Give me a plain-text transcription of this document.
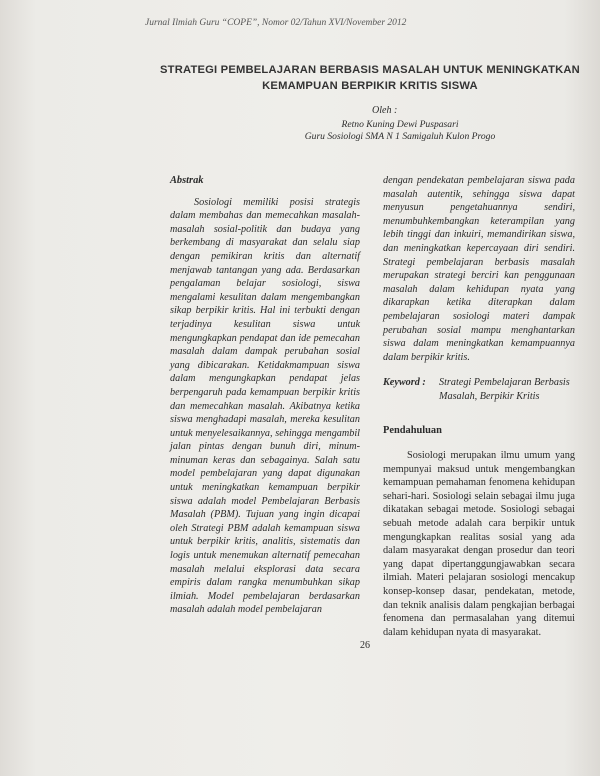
Jurnal Ilmiah Guru “COPE”, Nomor 02/Tahun XVI/November 2012
STRATEGI PEMBELAJARAN BERBASIS MASALAH UNTUK MENINGKATKAN KEMAMPUAN BERPIKIR KRITIS SISWA
Oleh :
Retno Kuning Dewi Puspasari
Guru Sosiologi SMA N 1 Samigaluh Kulon Progo

Abstrak

Sosiologi memiliki posisi strategis dalam membahas dan memecahkan masalah-masalah sosial-politik dan budaya yang berkembang di masyarakat dan selalu siap dengan pemikiran kritis dan alternatif menjawab tantangan yang ada. Berdasarkan pengalaman belajar sosiologi, siswa mengalami kesulitan dalam mengembangkan sikap berpikir kritis. Hal ini terbukti dengan terjadinya kesulitan siswa untuk mengungkapkan pendapat dan ide pemecahan masalah dalam dampak perubahan sosial yang dibicarakan. Ketidakmampuan siswa dalam mengungkapkan pendapat jelas berpengaruh pada kemampuan berpikir kritis dan memecahkan masalah. Akibatnya ketika siswa menghadapi masalah, mereka kesulitan untuk menyelesaikannya, sehingga mengambil jalan pintas dengan bunuh diri, minum-minuman keras dan sebagainya. Salah satu model pembelajaran yang dapat digunakan untuk meningkatkan kemampuan berpikir siswa adalah model Pembelajaran Berbasis Masalah (PBM). Tujuan yang ingin dicapai oleh Strategi PBM adalah kemampuan siswa untuk berpikir kritis, analitis, sistematis dan logis untuk menemukan alternatif pemecahan masalah melalui eksplorasi data secara empiris dalam rangka menumbuhkan sikap ilmiah. Model pembelajaran berdasarkan masalah adalah model pembelajaran

dengan pendekatan pembelajaran siswa pada masalah autentik, sehingga siswa dapat menyusun pengetahuannya sendiri, menumbuhkembangkan keterampilan yang lebih tinggi dan inkuiri, memandirikan siswa, dan meningkatkan kepercayaan diri sendiri. Strategi pembelajaran berbasis masalah merupakan strategi berciri kan penggunaan masalah dalam kehidupan nyata yang dikarapkan ketika diterapkan dalam pembelajaran sosiologi materi dampak perubahan sosial mampu menghantarkan siswa dalam meningkatkan kemampuannya dalam berpikir kritis.

Keyword :	Strategi Pembelajaran Berbasis Masalah, Berpikir Kritis

Pendahuluan

Sosiologi merupakan ilmu umum yang mempunyai maksud untuk mengembangkan kemampuan pemahaman fenomena kehidupan sehari-hari. Sosiologi selain sebagai ilmu juga dikatakan sebagai metode. Sosiologi sebagai sebuah metode adalah cara berpikir untuk mengungkapkan realitas sosial yang ada dalam masyarakat dengan prosedur dan teori yang dapat dipertanggungjawabkan secara ilmiah. Materi pelajaran sosiologi mencakup konsep-konsep dasar, pendekatan, metode, dan teknik analisis dalam pengkajian berbagai fenomena dan permasalahan yang ditemui dalam kehidupan nyata di masyarakat.

26
